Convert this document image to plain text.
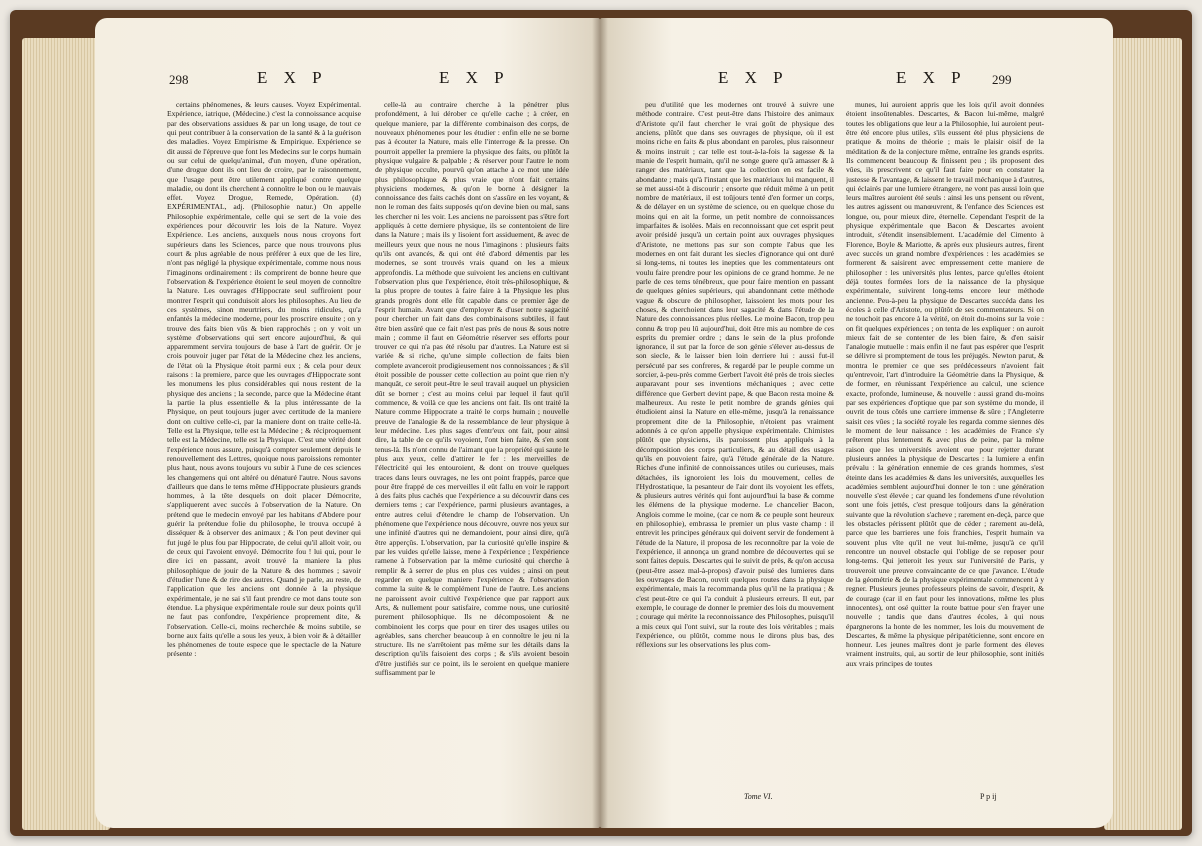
298	E X P	E X P

certains phénomenes, & leurs causes. Voyez Expérimental. Expérience, iatrique, (Médecine.) c'est la connoissance acquise par des observations assidues & par un long usage, de tout ce qui peut contribuer à la conservation de la santé & à la guérison des maladies. Voyez Empirisme & Empirique. Expérience se dit aussi de l'épreuve que font les Medecins sur le corps humain ou sur celui de quelqu'animal, d'un moyen, d'une opération, d'une drogue dont ils ont lieu de croire, par le raisonnement, que l'usage peut être utilement appliqué contre quelque maladie, ou dont ils cherchent à connoître le bon ou le mauvais effet. Voyez Drogue, Remede, Opération. (d) EXPÉRIMENTAL, adj. (Philosophie natur.) On appelle Philosophie expérimentale, celle qui se sert de la voie des expériences pour découvrir les lois de la Nature. Voyez Expérience. Les anciens, auxquels nous nous croyons fort supérieurs dans les Sciences, parce que nous trouvons plus court & plus agréable de nous préférer à eux que de les lire, n'ont pas négligé la physique expérimentale, comme nous nous l'imaginons ordinairement : ils comprirent de bonne heure que l'observation & l'expérience étoient le seul moyen de connoître la Nature. Les ouvrages d'Hippocrate seul suffiroient pour montrer l'esprit qui conduisoit alors les philosophes. Au lieu de ces systèmes, sinon meurtriers, du moins ridicules, qu'a enfantés la médecine moderne, pour les proscrire ensuite ; on y trouve des faits bien vûs & bien rapprochés ; on y voit un système d'observations qui sert encore aujourd'hui, & qui apparemment servira toujours de base à l'art de guérir. Or je crois pouvoir juger par l'état de la Médecine chez les anciens, de l'état où la Physique étoit parmi eux ; & cela pour deux raisons : la premiere, parce que les ouvrages d'Hippocrate sont les monumens les plus considérables qui nous restent de la physique des anciens ; la seconde, parce que la Médecine étant la partie la plus essentielle & la plus intéressante de la Physique, on peut toujours juger avec certitude de la maniere dont on cultive celle-ci, par la maniere dont on traite celle-là. Telle est la Physique, telle est la Médecine ; & réciproquement telle est la Médecine, telle est la Physique. C'est une vérité dont l'expérience nous assure, puisqu'à compter seulement depuis le renouvellement des Lettres, quoique nous paroissions remonter plus haut, nous avons toujours vu subir à l'une de ces sciences les changemens qui ont altéré ou dénaturé l'autre. Nous savons d'ailleurs que dans le tems même d'Hippocrate plusieurs grands hommes, à la tête desquels on doit placer Démocrite, s'appliquerent avec succès à l'observation de la Nature. On prétend que le medecin envoyé par les habitans d'Abdere pour guérir la prétendue folie du philosophe, le trouva occupé à disséquer & à observer des animaux ; & l'on peut deviner qui fut jugé le plus fou par Hippocrate, de celui qu'il alloit voir, ou de ceux qui l'avoient envoyé. Démocrite fou ! lui qui, pour le dire ici en passant, avoit trouvé la maniere la plus philosophique de jouir de la Nature & des hommes ; savoir d'étudier l'une & de rire des autres. Quand je parle, au reste, de l'application que les anciens ont donnée à la physique expérimentale, je ne sai s'il faut prendre ce mot dans toute son étendue. La physique expérimentale roule sur deux points qu'il ne faut pas confondre, l'expérience proprement dite, & l'observation. Celle-ci, moins recherchée & moins subtile, se borne aux faits qu'elle a sous les yeux, à bien voir & à détailler les phénomenes de toute espece que le spectacle de la Nature présente :

celle-là au contraire cherche à la pénétrer plus profondément, à lui dérober ce qu'elle cache ; à créer, en quelque maniere, par la différente combinaison des corps, de nouveaux phénomenes pour les étudier : enfin elle ne se borne pas à écouter la Nature, mais elle l'interroge & la presse. On pourroit appeller la premiere la physique des faits, ou plûtôt la physique vulgaire & palpable ; & réserver pour l'autre le nom de physique occulte, pourvû qu'on attache à ce mot une idée plus philosophique & plus vraie que n'ont fait certains physiciens modernes, & qu'on le borne à désigner la connoissance des faits cachés dont on s'assûre en les voyant, & non le roman des faits supposés qu'on devine bien ou mal, sans les chercher ni les voir. Les anciens ne paroissent pas s'être fort appliqués à cette derniere physique, ils se contentoient de lire dans la Nature ; mais ils y lisoient fort assiduement, & avec de meilleurs yeux que nous ne nous l'imaginons : plusieurs faits qu'ils ont avancés, & qui ont été d'abord démentis par les modernes, se sont trouvés vrais quand on les a mieux approfondis. La méthode que suivoient les anciens en cultivant l'observation plus que l'expérience, étoit très-philosophique, & la plus propre de toutes à faire faire à la Physique les plus grands progrès dont elle fût capable dans ce premier âge de l'esprit humain. Avant que d'employer & d'user notre sagacité pour chercher un fait dans des combinaisons subtiles, il faut être bien assûré que ce fait n'est pas près de nous & sous notre main ; comme il faut en Géométrie réserver ses efforts pour trouver ce qui n'a pas été résolu par d'autres. La Nature est si variée & si riche, qu'une simple collection de faits bien complete avanceroit prodigieusement nos connoissances ; & s'il étoit possible de pousser cette collection au point que rien n'y manquât, ce seroit peut-être le seul travail auquel un physicien dût se borner ; c'est au moins celui par lequel il faut qu'il commence, & voilà ce que les anciens ont fait. Ils ont traité la Nature comme Hippocrate a traité le corps humain ; nouvelle preuve de l'analogie & de la ressemblance de leur physique à leur médecine. Les plus sages d'entr'eux ont fait, pour ainsi dire, la table de ce qu'ils voyoient, l'ont bien faite, & s'en sont tenus-là. Ils n'ont connu de l'aimant que la propriété qui saute le plus aux yeux, celle d'attirer le fer : les merveilles de l'électricité qui les entouroient, & dont on trouve quelques traces dans leurs ouvrages, ne les ont point frappés, parce que pour être frappé de ces merveilles il eût fallu en voir le rapport à des faits plus cachés que l'expérience a su découvrir dans ces derniers tems ; car l'expérience, parmi plusieurs avantages, a entre autres celui d'étendre le champ de l'observation. Un phénomene que l'expérience nous découvre, ouvre nos yeux sur une infinité d'autres qui ne demandoient, pour ainsi dire, qu'à être apperçûs. L'observation, par la curiosité qu'elle inspire & par les vuides qu'elle laisse, mene à l'expérience ; l'expérience ramene à l'observation par la même curiosité qui cherche à remplir & à serrer de plus en plus ces vuides ; ainsi on peut regarder en quelque maniere l'expérience & l'observation comme la suite & le complément l'une de l'autre. Les anciens ne paroissent avoir cultivé l'expérience que par rapport aux Arts, & nullement pour satisfaire, comme nous, une curiosité purement philosophique. Ils ne décomposoient & ne combinoient les corps que pour en tirer des usages utiles ou agréables, sans chercher beaucoup à en connoître le jeu ni la structure. Ils ne s'arrêtoient pas même sur les détails dans la description qu'ils faisoient des corps ; & s'ils avoient besoin d'être justifiés sur ce point, ils le seroient en quelque maniere suffisamment par le

E X P	E X P 299

peu d'utilité que les modernes ont trouvé à suivre une méthode contraire. C'est peut-être dans l'histoire des animaux d'Aristote qu'il faut chercher le vrai goût de physique des anciens, plûtôt que dans ses ouvrages de physique, où il est moins riche en faits & plus abondant en paroles, plus raisonneur & moins instruit ; car telle est tout-à-la-fois la sagesse & la manie de l'esprit humain, qu'il ne songe guere qu'à amasser & à ranger des matériaux, tant que la collection en est facile & abondante ; mais qu'à l'instant que les matériaux lui manquent, il se met aussi-tôt à discourir ; ensorte que réduit même à un petit nombre de matériaux, il est toûjours tenté d'en former un corps, & de délayer en un système de science, ou en quelque chose du moins qui en ait la forme, un petit nombre de connoissances imparfaites & isolées. Mais en reconnoissant que cet esprit peut avoir présidé jusqu'à un certain point aux ouvrages physiques d'Aristote, ne mettons pas sur son compte l'abus que les modernes en ont fait durant les siecles d'ignorance qui ont duré si long-tems, ni toutes les inepties que les commentateurs ont voulu faire prendre pour les opinions de ce grand homme. Je ne parle de ces tems ténébreux, que pour faire mention en passant de quelques génies supérieurs, qui abandonnant cette méthode vague & obscure de philosopher, laissoient les mots pour les choses, & cherchoient dans leur sagacité & dans l'étude de la Nature des connoissances plus réelles. Le moine Bacon, trop peu connu & trop peu lû aujourd'hui, doit être mis au nombre de ces esprits du premier ordre ; dans le sein de la plus profonde ignorance, il sut par la force de son génie s'élever au-dessus de son siecle, & le laisser bien loin derriere lui : aussi fut-il persécuté par ses confreres, & regardé par le peuple comme un sorcier, à-peu-près comme Gerbert l'avoit été près de trois siecles auparavant pour ses inventions méchaniques ; avec cette différence que Gerbert devint pape, & que Bacon resta moine & malheureux. Au reste le petit nombre de grands génies qui étudioient ainsi la Nature en elle-même, jusqu'à la renaissance proprement dite de la Philosophie, n'étoient pas vraiment adonnés à ce qu'on appelle physique expérimentale. Chimistes plûtôt que physiciens, ils paroissent plus appliqués à la décomposition des corps particuliers, & au détail des usages qu'ils en pouvoient faire, qu'à l'étude générale de la Nature. Riches d'une infinité de connoissances utiles ou curieuses, mais détachées, ils ignoroient les lois du mouvement, celles de l'Hydrostatique, la pesanteur de l'air dont ils voyoient les effets, & plusieurs autres vérités qui font aujourd'hui la base & comme les élémens de la physique moderne. Le chancelier Bacon, Anglois comme le moine, (car ce nom & ce peuple sont heureux en philosophie), embrassa le premier un plus vaste champ : il entrevit les principes généraux qui doivent servir de fondement à l'étude de la Nature, il proposa de les reconnoître par la voie de l'expérience, il annonça un grand nombre de découvertes qui se sont faites depuis. Descartes qui le suivit de près, & qu'on accusa (peut-être assez mal-à-propos) d'avoir puisé des lumieres dans les ouvrages de Bacon, ouvrit quelques routes dans la physique expérimentale, mais la recommanda plus qu'il ne la pratiqua ; & c'est peut-être ce qui l'a conduit à plusieurs erreurs. Il eut, par exemple, le courage de donner le premier des lois du mouvement ; courage qui mérite la reconnoissance des Philosophes, puisqu'il a mis ceux qui l'ont suivi, sur la route des lois véritables ; mais l'expérience, ou plûtôt, comme nous le dirons plus bas, des réflexions sur les observations les plus com-

munes, lui auroient appris que les lois qu'il avoit données étoient insoûtenables. Descartes, & Bacon lui-même, malgré toutes les obligations que leur a la Philosophie, lui auroient peut-être été encore plus utiles, s'ils eussent été plus physiciens de pratique & moins de théorie ; mais le plaisir oisif de la méditation & de la conjecture même, entraîne les grands esprits. Ils commencent beaucoup & finissent peu ; ils proposent des vûes, ils prescrivent ce qu'il faut faire pour en constater la justesse & l'avantage, & laissent le travail méchanique à d'autres, qui éclairés par une lumiere étrangere, ne vont pas aussi loin que leurs maîtres auroient été seuls : ainsi les uns pensent ou rêvent, les autres agissent ou manœuvrent, & l'enfance des Sciences est longue, ou, pour mieux dire, éternelle. Cependant l'esprit de la physique expérimentale que Bacon & Descartes avoient introduit, s'étendit insensiblement. L'académie del Cimento à Florence, Boyle & Mariotte, & après eux plusieurs autres, firent avec succès un grand nombre d'expériences : les académies se formerent & saisirent avec empressement cette maniere de philosopher : les universités plus lentes, parce qu'elles étoient déjà toutes formées lors de la naissance de la physique expérimentale, suivirent long-tems encore leur méthode ancienne. Peu-à-peu la physique de Descartes succéda dans les écoles à celle d'Aristote, ou plûtôt de ses commentateurs. Si on ne touchoit pas encore à la vérité, on étoit du-moins sur la voie : on fit quelques expériences ; on tenta de les expliquer : on auroit mieux fait de se contenter de les bien faire, & d'en saisir l'analogie mutuelle : mais enfin il ne faut pas espérer que l'esprit se délivre si promptement de tous les préjugés. Newton parut, & montra le premier ce que ses prédécesseurs n'avoient fait qu'entrevoir, l'art d'introduire la Géométrie dans la Physique, & de former, en réunissant l'expérience au calcul, une science exacte, profonde, lumineuse, & nouvelle : aussi grand du-moins par ses expériences d'optique que par son système du monde, il ouvrit de tous côtés une carriere immense & sûre ; l'Angleterre saisit ces vûes ; la société royale les regarda comme siennes dès le moment de leur naissance : les académies de France s'y prêterent plus lentement & avec plus de peine, par la même raison que les universités avoient eue pour rejetter durant plusieurs années la physique de Descartes : la lumiere a enfin prévalu : la génération ennemie de ces grands hommes, s'est éteinte dans les académies & dans les universités, auxquelles les académies semblent aujourd'hui donner le ton : une génération nouvelle s'est élevée ; car quand les fondemens d'une révolution sont une fois jettés, c'est presque toûjours dans la génération suivante que la révolution s'acheve ; rarement en-deçà, parce que les obstacles périssent plûtôt que de céder ; rarement au-delà, parce que les barrieres une fois franchies, l'esprit humain va souvent plus vîte qu'il ne veut lui-même, jusqu'à ce qu'il rencontre un nouvel obstacle qui l'oblige de se reposer pour long-tems. Qui jetteroit les yeux sur l'université de Paris, y trouveroit une preuve convaincante de ce que j'avance. L'étude de la géométrie & de la physique expérimentale commencent à y regner. Plusieurs jeunes professeurs pleins de savoir, d'esprit, & de courage (car il en faut pour les innovations, même les plus innocentes), ont osé quitter la route battue pour s'en frayer une nouvelle ; tandis que dans d'autres écoles, à qui nous épargnerons la honte de les nommer, les lois du mouvement de Descartes, & même la physique péripatéticienne, sont encore en honneur. Les jeunes maîtres dont je parle forment des éleves vraiment instruits, qui, au sortir de leur philosophie, sont initiés aux vrais principes de toutes

Tome VI.	P p ij
